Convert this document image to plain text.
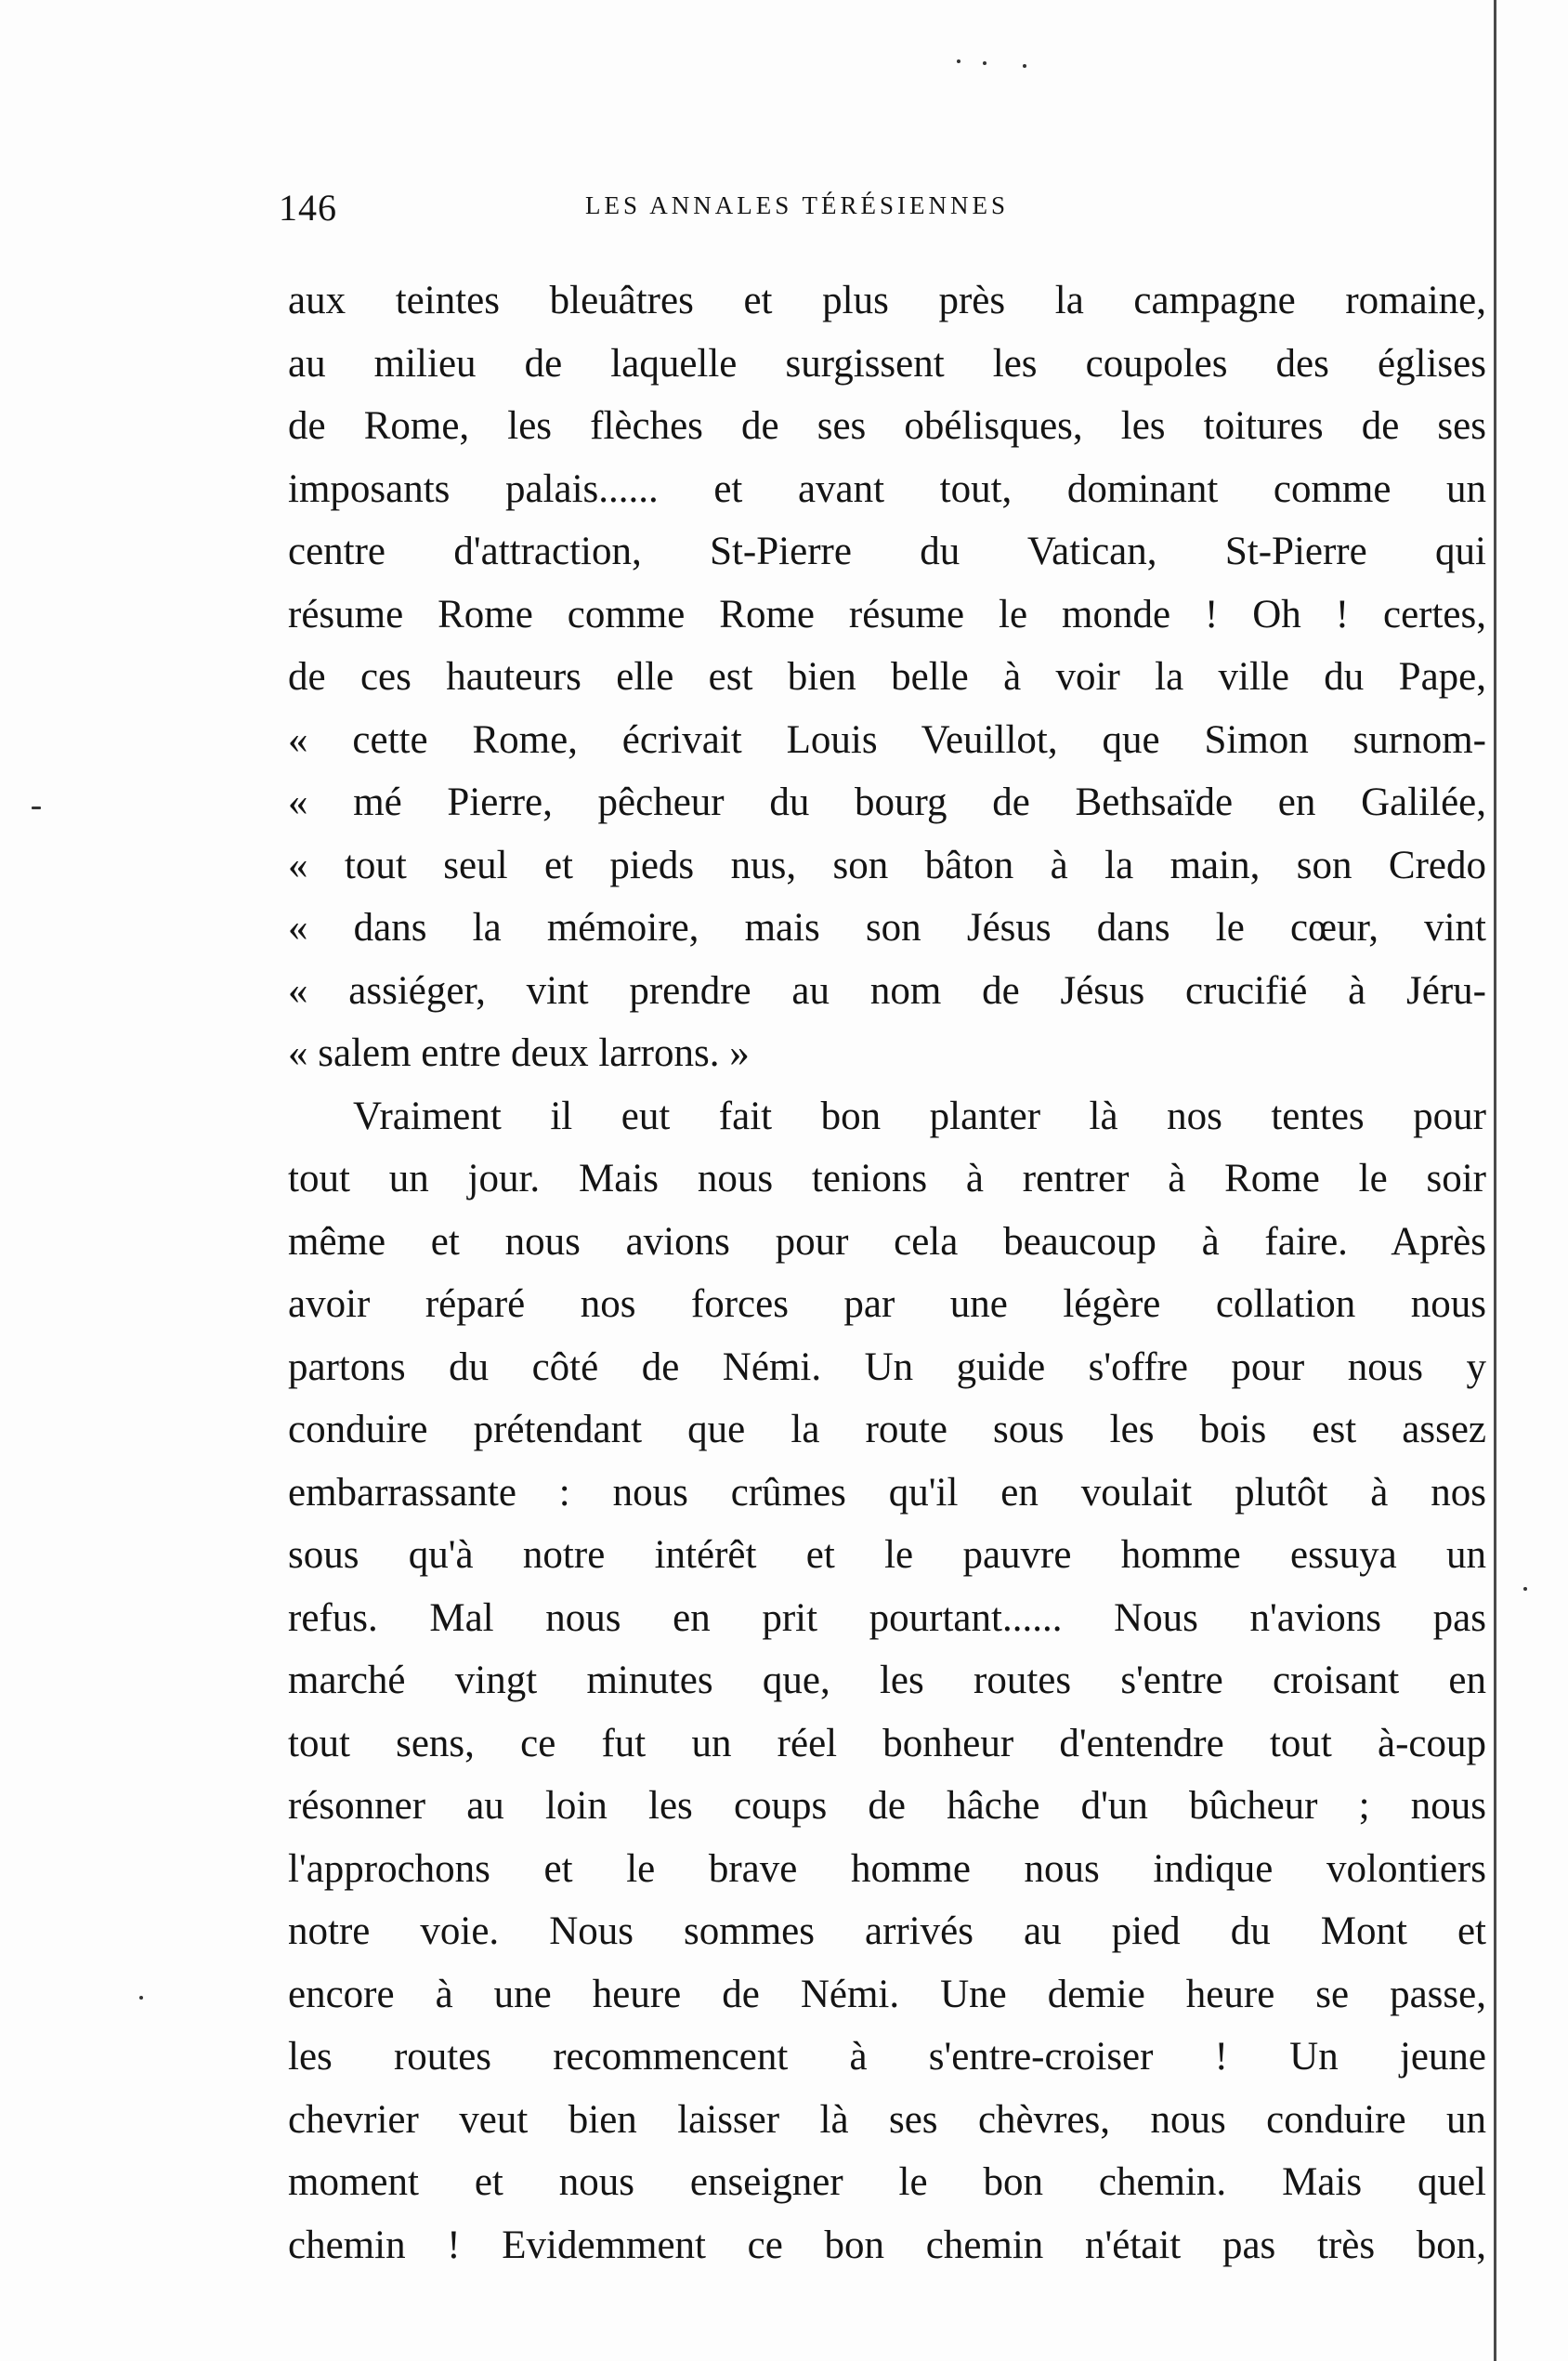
146	LES ANNALES TÉRÉSIENNES
aux teintes bleuâtres et plus près la campagne romaine,
au milieu de laquelle surgissent les coupoles des églises
de Rome, les flèches de ses obélisques, les toitures de ses
imposants palais...... et avant tout, dominant comme un
centre d'attraction, St-Pierre du Vatican, St-Pierre qui
résume Rome comme Rome résume le monde ! Oh ! certes,
de ces hauteurs elle est bien belle à voir la ville du Pape,
« cette Rome, écrivait Louis Veuillot, que Simon surnom-
« mé Pierre, pêcheur du bourg de Bethsaïde en Galilée,
« tout seul et pieds nus, son bâton à la main, son Credo
« dans la mémoire, mais son Jésus dans le cœur, vint
« assiéger, vint prendre au nom de Jésus crucifié à Jéru-
« salem entre deux larrons. »
Vraiment il eut fait bon planter là nos tentes pour
tout un jour. Mais nous tenions à rentrer à Rome le soir
même et nous avions pour cela beaucoup à faire. Après
avoir réparé nos forces par une légère collation nous
partons du côté de Némi. Un guide s'offre pour nous y
conduire prétendant que la route sous les bois est assez
embarrassante : nous crûmes qu'il en voulait plutôt à nos
sous qu'à notre intérêt et le pauvre homme essuya un
refus. Mal nous en prit pourtant...... Nous n'avions pas
marché vingt minutes que, les routes s'entre croisant en
tout sens, ce fut un réel bonheur d'entendre tout à-coup
résonner au loin les coups de hâche d'un bûcheur ; nous
l'approchons et le brave homme nous indique volontiers
notre voie. Nous sommes arrivés au pied du Mont et
encore à une heure de Némi. Une demie heure se passe,
les routes recommencent à s'entre-croiser ! Un jeune
chevrier veut bien laisser là ses chèvres, nous conduire un
moment et nous enseigner le bon chemin. Mais quel
chemin ! Evidemment ce bon chemin n'était pas très bon,
